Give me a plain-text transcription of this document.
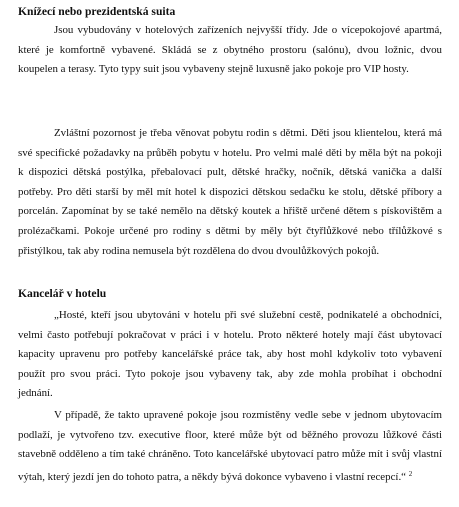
Knížecí nebo prezidentská suita

Jsou vybudovány v hotelových zařízeních nejvyšší třídy. Jde o vícepokojové apartmá, které je komfortně vybavené. Skládá se z obytného prostoru (salónu), dvou ložnic, dvou koupelen a terasy. Tyto typy suit jsou vybaveny stejně luxusně jako pokoje pro VIP hosty.

Zvláštní pozornost je třeba věnovat pobytu rodin s dětmi. Děti jsou klientelou, která má své specifické požadavky na průběh pobytu v hotelu. Pro velmi malé děti by měla být na pokoji k dispozici dětská postýlka, přebalovací pult, dětské hračky, nočník, dětská vanička a další potřeby. Pro děti starší by měl mít hotel k dispozici dětskou sedačku ke stolu, dětské příbory a porcelán. Zapomínat by se také nemělo na dětský koutek a hřiště určené dětem s pískovištěm a prolézačkami. Pokoje určené pro rodiny s dětmi by měly být čtyřlůžkové nebo třílůžkové s přistýlkou, tak aby rodina nemusela být rozdělena do dvou dvoulůžkových pokojů.

Kancelář v hotelu

„Hosté, kteří jsou ubytováni v hotelu při své služební cestě, podnikatelé a obchodníci, velmi často potřebují pokračovat v práci i v hotelu. Proto některé hotely mají část ubytovací kapacity upravenu pro potřeby kancelářské práce tak, aby host mohl kdykoliv toto vybavení použít pro svou práci. Tyto pokoje jsou vybaveny tak, aby zde mohla probíhat i obchodní jednání.

V případě, že takto upravené pokoje jsou rozmístěny vedle sebe v jednom ubytovacím podlaží, je vytvořeno tzv. executive floor, které může být od běžného provozu lůžkové části stavebně odděleno a tím také chráněno. Toto kancelářské ubytovací patro může mít i svůj vlastní výtah, který jezdí jen do tohoto patra, a někdy bývá dokonce vybaveno i vlastní recepcí.“ $^2$
